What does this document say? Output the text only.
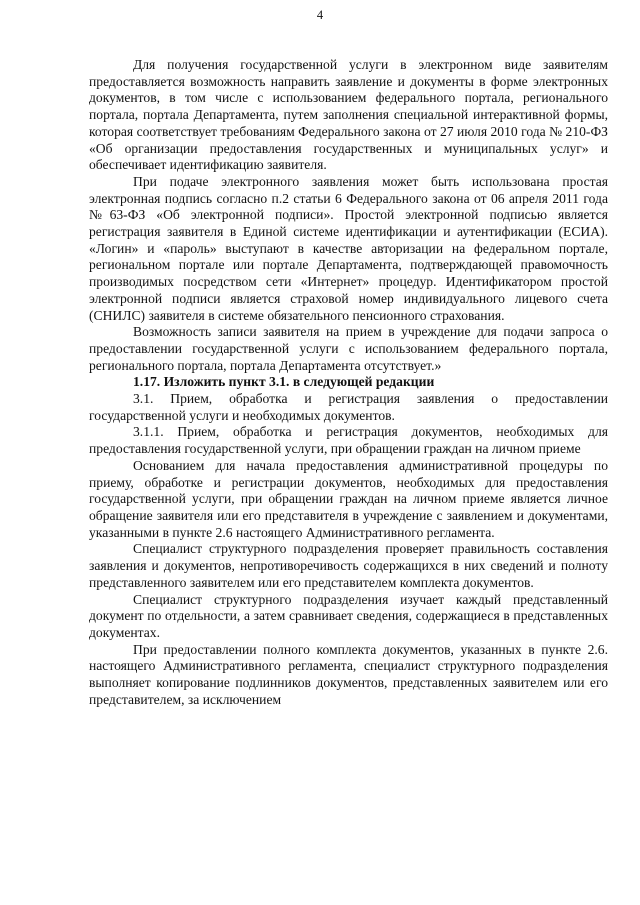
4

Для получения государственной услуги в электронном виде заявителям предоставляется возможность направить заявление и документы в форме электронных документов, в том числе с использованием федерального портала, регионального портала, портала Департамента, путем заполнения специальной интерактивной формы, которая соответствует требованиям Федерального закона от 27 июля 2010 года № 210-ФЗ «Об организации предоставления государственных и муниципальных услуг» и обеспечивает идентификацию заявителя.

При подаче электронного заявления может быть использована простая электронная подпись согласно п.2 статьи 6 Федерального закона от 06 апреля 2011 года №63-ФЗ «Об электронной подписи». Простой электронной подписью является регистрация заявителя в Единой системе идентификации и аутентификации (ЕСИА). «Логин» и «пароль» выступают в качестве авторизации на федеральном портале, региональном портале или портале Департамента, подтверждающей правомочность производимых посредством сети «Интернет» процедур. Идентификатором простой электронной подписи является страховой номер индивидуального лицевого счета (СНИЛС) заявителя в системе обязательного пенсионного страхования.

Возможность записи заявителя на прием в учреждение для подачи запроса о предоставлении государственной услуги с использованием федерального портала, регионального портала, портала Департамента отсутствует.»

1.17. Изложить пункт 3.1. в следующей редакции

3.1. Прием, обработка и регистрация заявления о предоставлении государственной услуги и необходимых документов.

3.1.1. Прием, обработка и регистрация документов, необходимых для предоставления государственной услуги, при обращении граждан на личном приеме

Основанием для начала предоставления административной процедуры по приему, обработке и регистрации документов, необходимых для предоставления государственной услуги, при обращении граждан на личном приеме является личное обращение заявителя или его представителя в учреждение с заявлением и документами, указанными в пункте 2.6 настоящего Административного регламента.

Специалист структурного подразделения проверяет правильность составления заявления и документов, непротиворечивость содержащихся в них сведений и полноту представленного заявителем или его представителем комплекта документов.

Специалист структурного подразделения изучает каждый представленный документ по отдельности, а затем сравнивает сведения, содержащиеся в представленных документах.

При предоставлении полного комплекта документов, указанных в пункте 2.6. настоящего Административного регламента, специалист структурного подразделения выполняет копирование подлинников документов, представленных заявителем или его представителем, за исключением
